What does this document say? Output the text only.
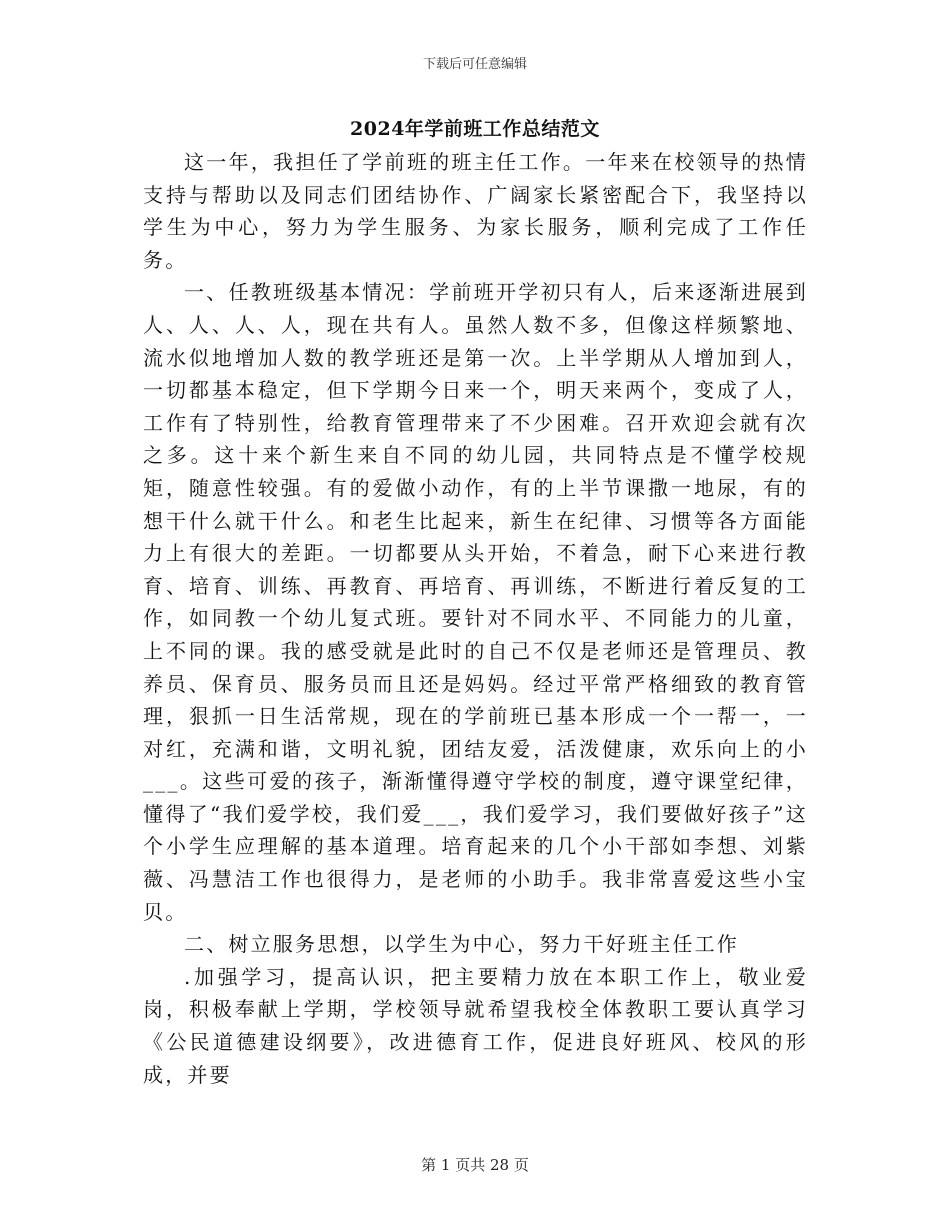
下载后可任意编辑
2024年学前班工作总结范文

这一年，我担任了学前班的班主任工作。一年来在校领导的热情支持与帮助以及同志们团结协作、广阔家长紧密配合下，我坚持以学生为中心，努力为学生服务、为家长服务，顺利完成了工作任务。

一、任教班级基本情况：学前班开学初只有人，后来逐渐进展到人、人、人、人，现在共有人。虽然人数不多，但像这样频繁地、流水似地增加人数的教学班还是第一次。上半学期从人增加到人，一切都基本稳定，但下学期今日来一个，明天来两个，变成了人，工作有了特别性，给教育管理带来了不少困难。召开欢迎会就有次之多。这十来个新生来自不同的幼儿园，共同特点是不懂学校规矩，随意性较强。有的爱做小动作，有的上半节课撒一地尿，有的想干什么就干什么。和老生比起来，新生在纪律、习惯等各方面能力上有很大的差距。一切都要从头开始，不着急，耐下心来进行教育、培育、训练、再教育、再培育、再训练，不断进行着反复的工作，如同教一个幼儿复式班。要针对不同水平、不同能力的儿童，上不同的课。我的感受就是此时的自己不仅是老师还是管理员、教养员、保育员、服务员而且还是妈妈。经过平常严格细致的教育管理，狠抓一日生活常规，现在的学前班已基本形成一个一帮一，一对红，充满和谐，文明礼貌，团结友爱，活泼健康，欢乐向上的小___。这些可爱的孩子，渐渐懂得遵守学校的制度，遵守课堂纪律，懂得了“我们爱学校，我们爱___，我们爱学习，我们要做好孩子”这个小学生应理解的基本道理。培育起来的几个小干部如李想、刘紫薇、冯慧洁工作也很得力，是老师的小助手。我非常喜爱这些小宝贝。

二、树立服务思想，以学生为中心，努力干好班主任工作

.加强学习，提高认识，把主要精力放在本职工作上，敬业爱岗，积极奉献上学期，学校领导就希望我校全体教职工要认真学习《公民道德建设纲要》，改进德育工作，促进良好班风、校风的形成，并要

第 1 页共 28 页
